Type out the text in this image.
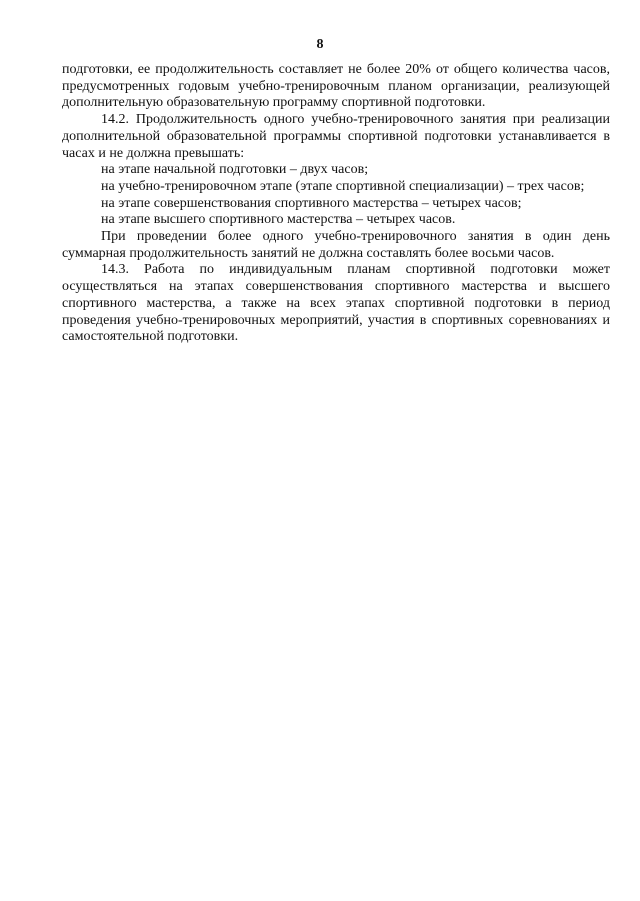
8

подготовки, ее продолжительность составляет не более 20% от общего количества часов, предусмотренных годовым учебно-тренировочным планом организации, реализующей дополнительную образовательную программу спортивной подготовки.

14.2. Продолжительность одного учебно-тренировочного занятия при реализации дополнительной образовательной программы спортивной подготовки устанавливается в часах и не должна превышать:

на этапе начальной подготовки – двух часов;

на учебно-тренировочном этапе (этапе спортивной специализации) – трех часов;

на этапе совершенствования спортивного мастерства – четырех часов;

на этапе высшего спортивного мастерства – четырех часов.

При проведении более одного учебно-тренировочного занятия в один день суммарная продолжительность занятий не должна составлять более восьми часов.

14.3. Работа по индивидуальным планам спортивной подготовки может осуществляться на этапах совершенствования спортивного мастерства и высшего спортивного мастерства, а также на всех этапах спортивной подготовки в период проведения учебно-тренировочных мероприятий, участия в спортивных соревнованиях и самостоятельной подготовки.
